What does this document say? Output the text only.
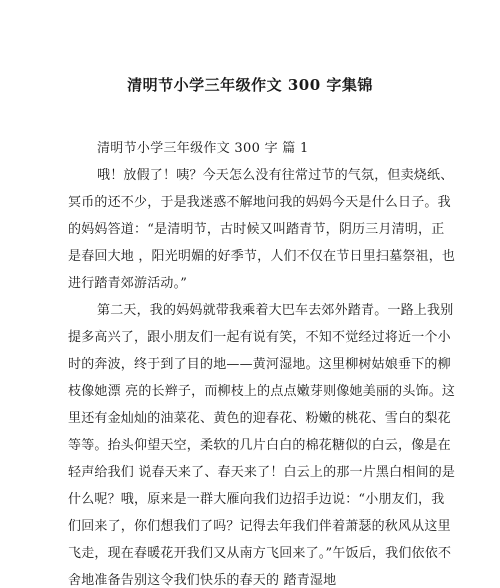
清明节小学三年级作文 300 字集锦
清明节小学三年级作文 300 字 篇 1
哦！放假了！咦？今天怎么没有往常过节的气氛，但卖烧纸、
冥币的还不少，于是我迷惑不解地问我的妈妈今天是什么日子。我
的妈妈答道：“是清明节，古时候又叫踏青节，阴历三月清明，正
是春回大地 ，阳光明媚的好季节，人们不仅在节日里扫墓祭祖，也
进行踏青郊游活动。”
第二天，我的妈妈就带我乘着大巴车去郊外踏青。一路上我别
提多高兴了，跟小朋友们一起有说有笑，不知不觉经过将近一个小
时的奔波，终于到了目的地——黄河湿地。这里柳树姑娘垂下的柳
枝像她漂 亮的长辫子，而柳枝上的点点嫩芽则像她美丽的头饰。这
里还有金灿灿的油菜花、黄色的迎春花、粉嫩的桃花、雪白的梨花
等等。抬头仰望天空，柔软的几片白白的棉花糖似的白云，像是在
轻声给我们 说春天来了、春天来了！白云上的那一片黑白相间的是
什么呢？哦，原来是一群大雁向我们边招手边说：“小朋友们，我
们回来了，你们想我们了吗？记得去年我们伴着萧瑟的秋风从这里
飞走，现在春暖花开我们又从南方飞回来了。”午饭后，我们依依不
舍地准备告别这令我们快乐的春天的 踏青湿地
